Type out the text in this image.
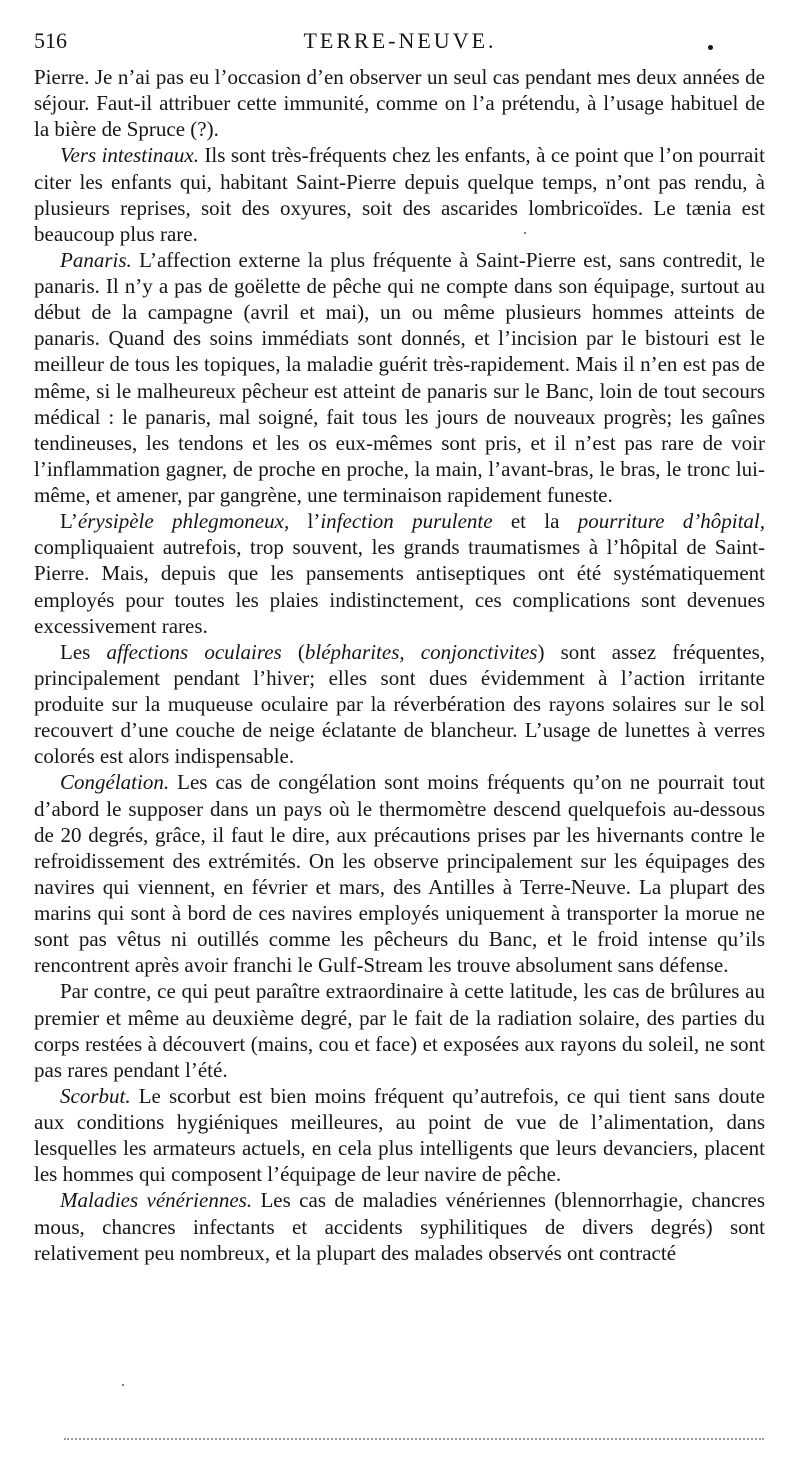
516	TERRE-NEUVE.

Pierre. Je n’ai pas eu l’occasion d’en observer un seul cas pendant mes deux années de séjour. Faut-il attribuer cette immunité, comme on l’a prétendu, à l’usage habituel de la bière de Spruce (?).

Vers intestinaux. Ils sont très-fréquents chez les enfants, à ce point que l’on pourrait citer les enfants qui, habitant Saint-Pierre depuis quelque temps, n’ont pas rendu, à plusieurs reprises, soit des oxyures, soit des ascarides lombricoïdes. Le tænia est beaucoup plus rare.

Panaris. L’affection externe la plus fréquente à Saint-Pierre est, sans contredit, le panaris. Il n’y a pas de goëlette de pêche qui ne compte dans son équipage, surtout au début de la campagne (avril et mai), un ou même plusieurs hommes atteints de panaris. Quand des soins immédiats sont donnés, et l’incision par le bistouri est le meilleur de tous les topiques, la maladie guérit très-rapidement. Mais il n’en est pas de même, si le malheureux pêcheur est atteint de panaris sur le Banc, loin de tout secours médical : le panaris, mal soigné, fait tous les jours de nouveaux progrès; les gaînes tendineuses, les tendons et les os eux-mêmes sont pris, et il n’est pas rare de voir l’inflammation gagner, de proche en proche, la main, l’avant-bras, le bras, le tronc lui-même, et amener, par gangrène, une terminaison rapidement funeste.

L’érysipèle phlegmoneux, l’infection purulente et la pourriture d’hôpital, compliquaient autrefois, trop souvent, les grands traumatismes à l’hôpital de Saint-Pierre. Mais, depuis que les pansements antiseptiques ont été systématiquement employés pour toutes les plaies indistinctement, ces complications sont devenues excessivement rares.

Les affections oculaires (blépharites, conjonctivites) sont assez fréquentes, principalement pendant l’hiver; elles sont dues évidemment à l’action irritante produite sur la muqueuse oculaire par la réverbération des rayons solaires sur le sol recouvert d’une couche de neige éclatante de blancheur. L’usage de lunettes à verres colorés est alors indispensable.

Congélation. Les cas de congélation sont moins fréquents qu’on ne pourrait tout d’abord le supposer dans un pays où le thermomètre descend quelquefois au-dessous de 20 degrés, grâce, il faut le dire, aux précautions prises par les hivernants contre le refroidissement des extrémités. On les observe principalement sur les équipages des navires qui viennent, en février et mars, des Antilles à Terre-Neuve. La plupart des marins qui sont à bord de ces navires employés uniquement à transporter la morue ne sont pas vêtus ni outillés comme les pêcheurs du Banc, et le froid intense qu’ils rencontrent après avoir franchi le Gulf-Stream les trouve absolument sans défense.

Par contre, ce qui peut paraître extraordinaire à cette latitude, les cas de brûlures au premier et même au deuxième degré, par le fait de la radiation solaire, des parties du corps restées à découvert (mains, cou et face) et exposées aux rayons du soleil, ne sont pas rares pendant l’été.

Scorbut. Le scorbut est bien moins fréquent qu’autrefois, ce qui tient sans doute aux conditions hygiéniques meilleures, au point de vue de l’alimentation, dans lesquelles les armateurs actuels, en cela plus intelligents que leurs devanciers, placent les hommes qui composent l’équipage de leur navire de pêche.

Maladies vénériennes. Les cas de maladies vénériennes (blennorrhagie, chancres mous, chancres infectants et accidents syphilitiques de divers degrés) sont relativement peu nombreux, et la plupart des malades observés ont contracté
